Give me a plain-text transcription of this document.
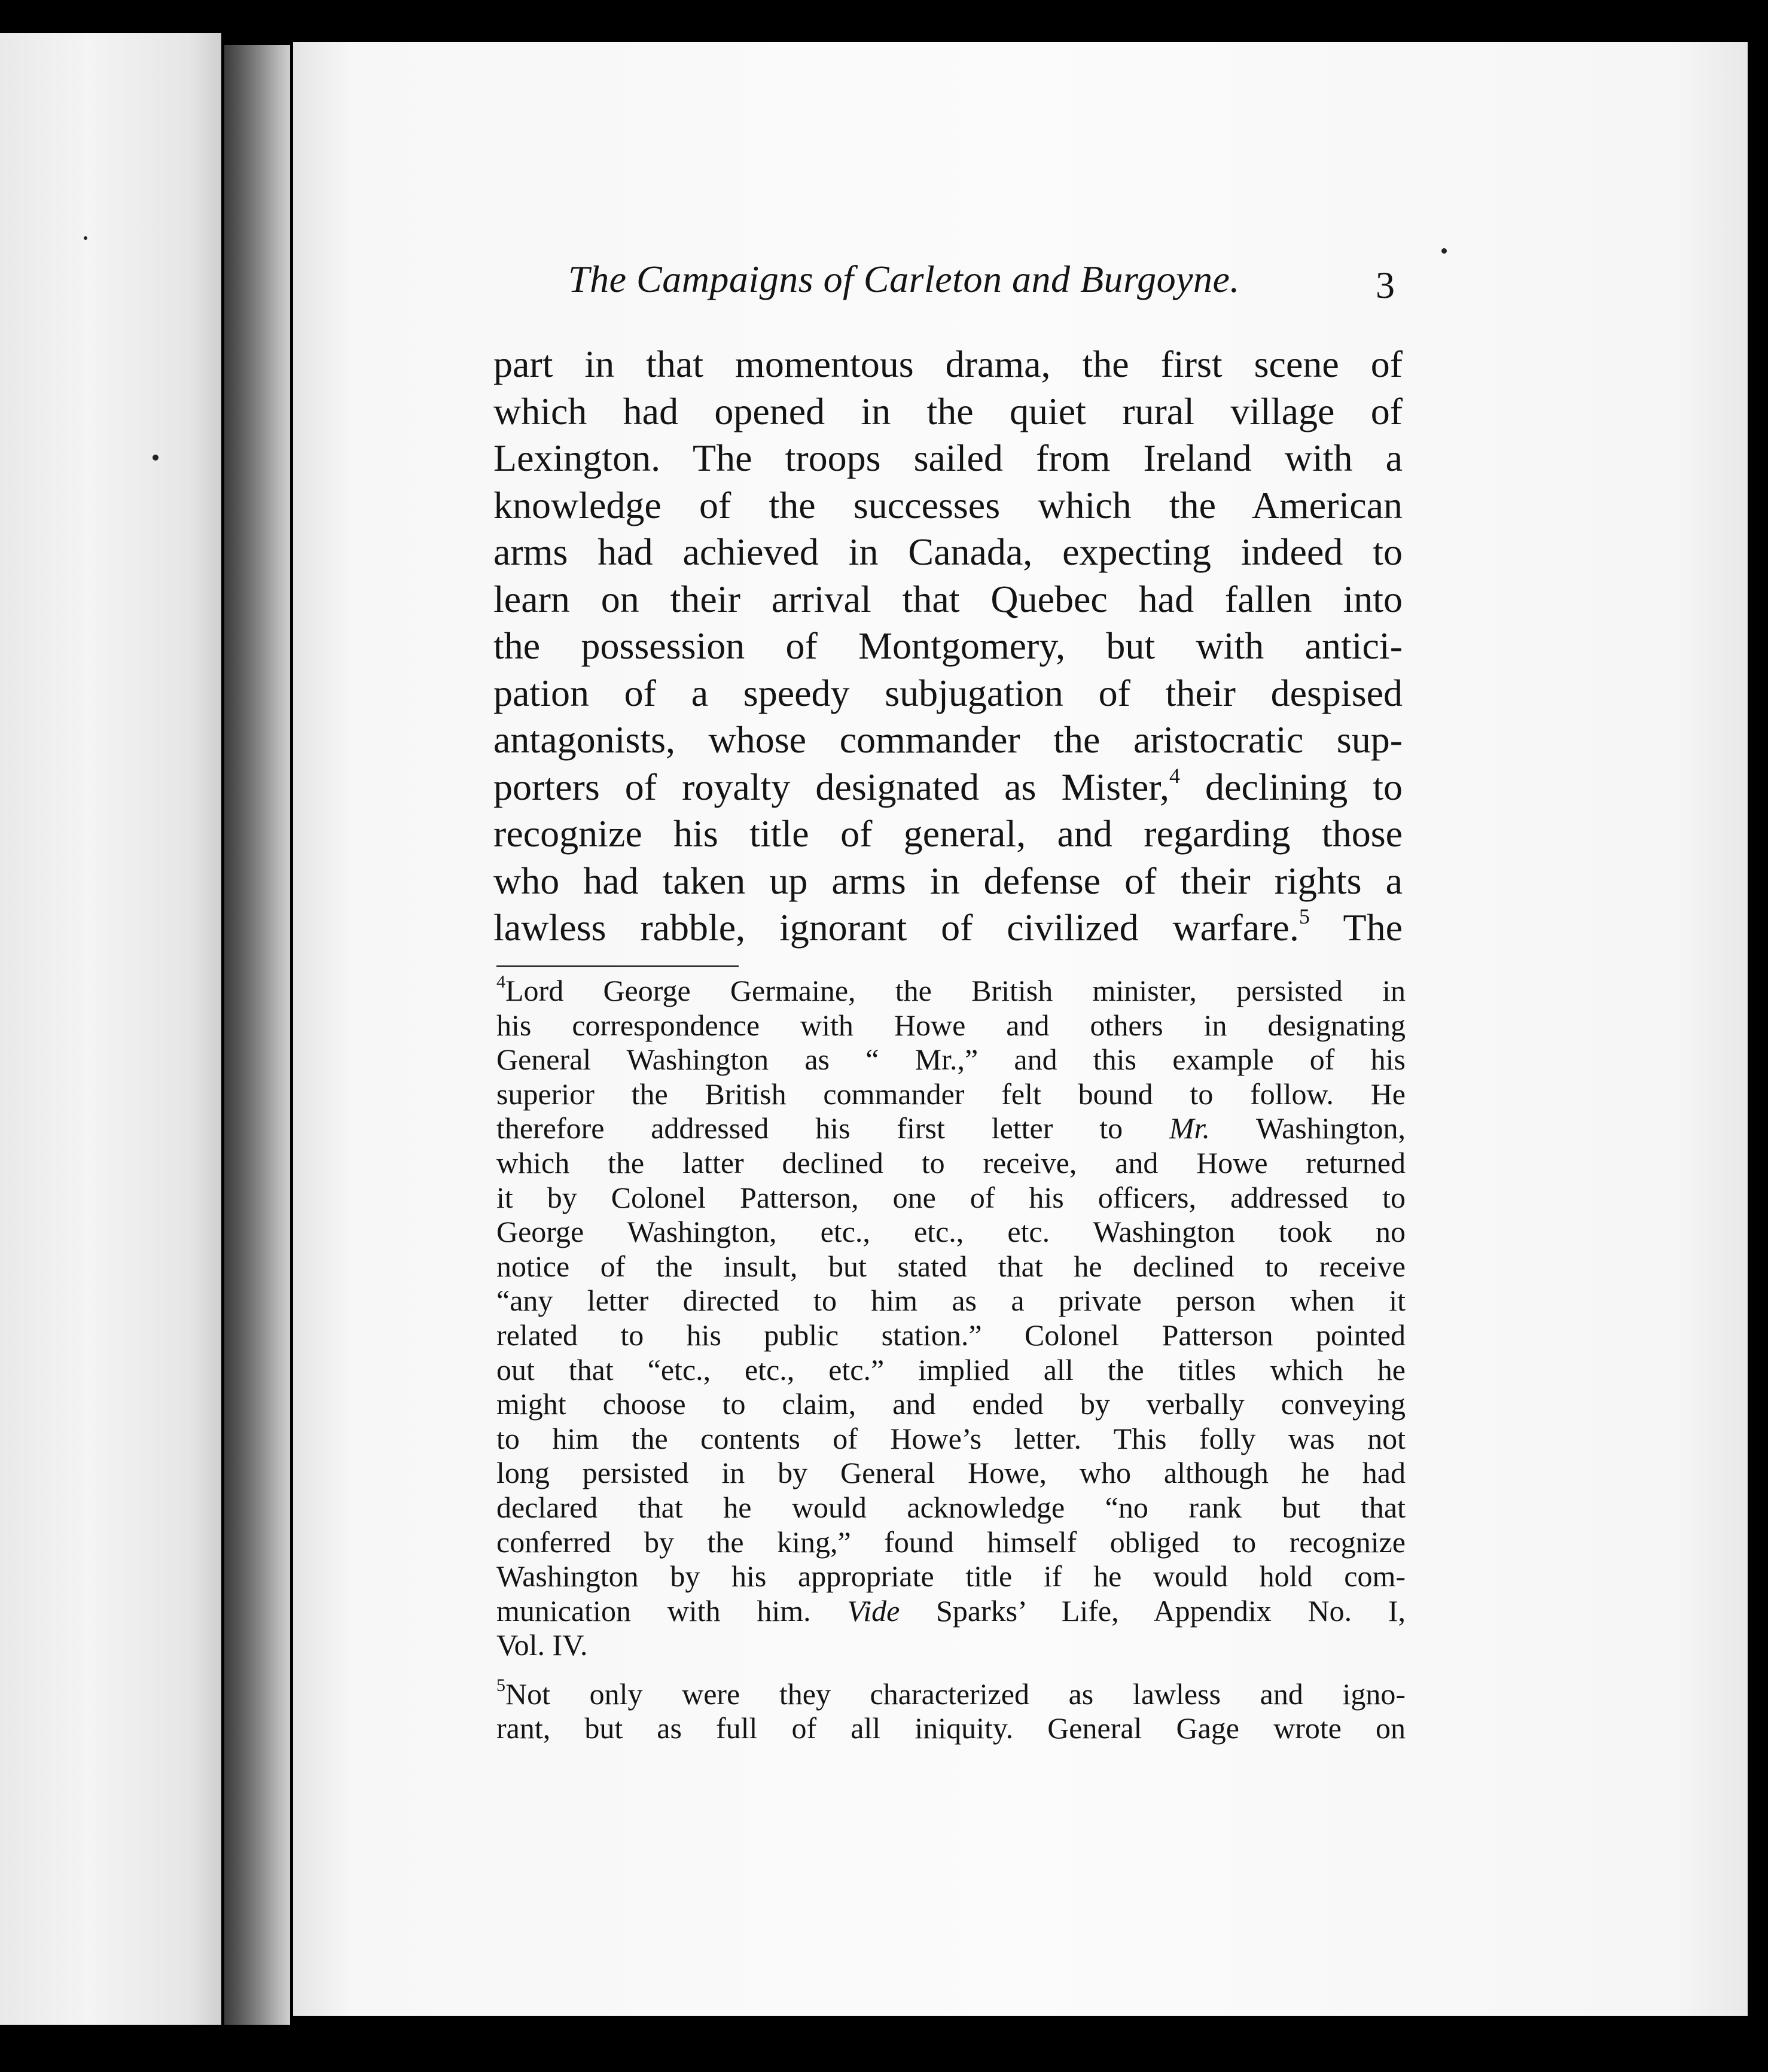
The Campaigns of Carleton and Burgoyne.	3
part in that momentous drama, the first scene of
which had opened in the quiet rural village of
Lexington. The troops sailed from Ireland with a
knowledge of the successes which the American
arms had achieved in Canada, expecting indeed to
learn on their arrival that Quebec had fallen into
the possession of Montgomery, but with antici-
pation of a speedy subjugation of their despised
antagonists, whose commander the aristocratic sup-
porters of royalty designated as Mister,$^4$ declining to
recognize his title of general, and regarding those
who had taken up arms in defense of their rights a
lawless rabble, ignorant of civilized warfare.$^5$ The
$^4$Lord George Germaine, the British minister, persisted in
his correspondence with Howe and others in designating
General Washington as “ Mr.,” and this example of his
superior the British commander felt bound to follow. He
therefore addressed his first letter to Mr. Washington,
which the latter declined to receive, and Howe returned
it by Colonel Patterson, one of his officers, addressed to
George Washington, etc., etc., etc. Washington took no
notice of the insult, but stated that he declined to receive
“any letter directed to him as a private person when it
related to his public station.” Colonel Patterson pointed
out that “etc., etc., etc.” implied all the titles which he
might choose to claim, and ended by verbally conveying
to him the contents of Howe’s letter. This folly was not
long persisted in by General Howe, who although he had
declared that he would acknowledge “no rank but that
conferred by the king,” found himself obliged to recognize
Washington by his appropriate title if he would hold com-
munication with him. Vide Sparks’ Life, Appendix No. I,
Vol. IV.
$^5$Not only were they characterized as lawless and igno-
rant, but as full of all iniquity. General Gage wrote on
